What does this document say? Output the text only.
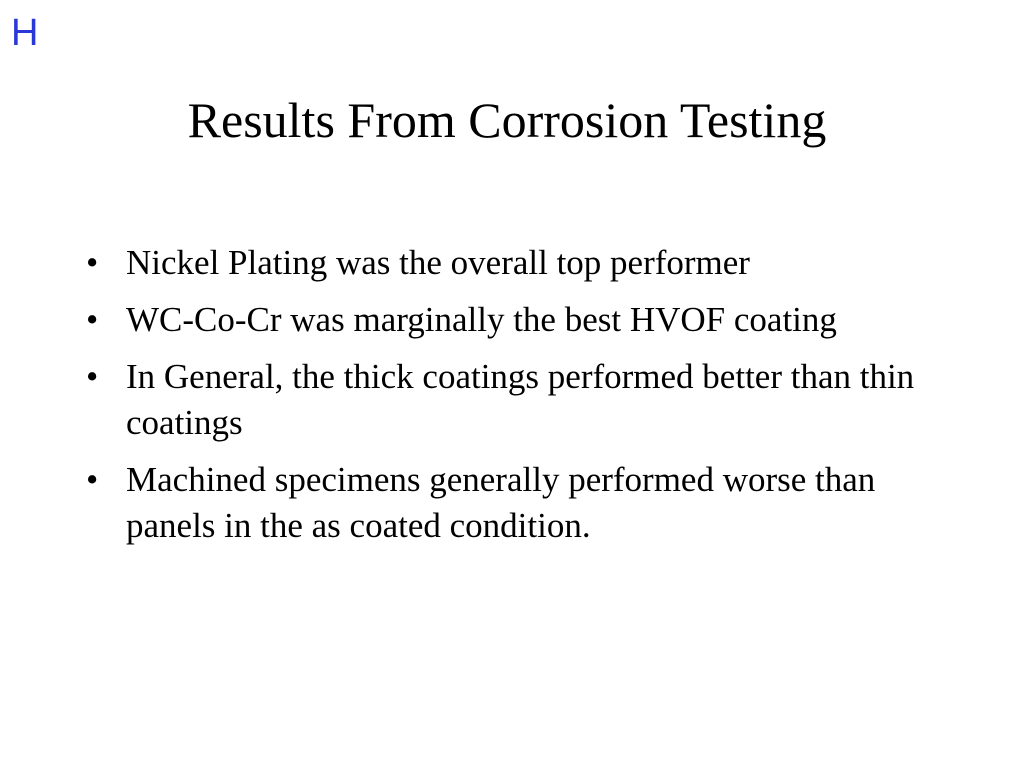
H
Results From Corrosion Testing
• Nickel Plating was the overall top performer
• WC-Co-Cr was marginally the best HVOF coating
• In General, the thick coatings performed better than thin coatings
• Machined specimens generally performed worse than panels in the as coated condition.
